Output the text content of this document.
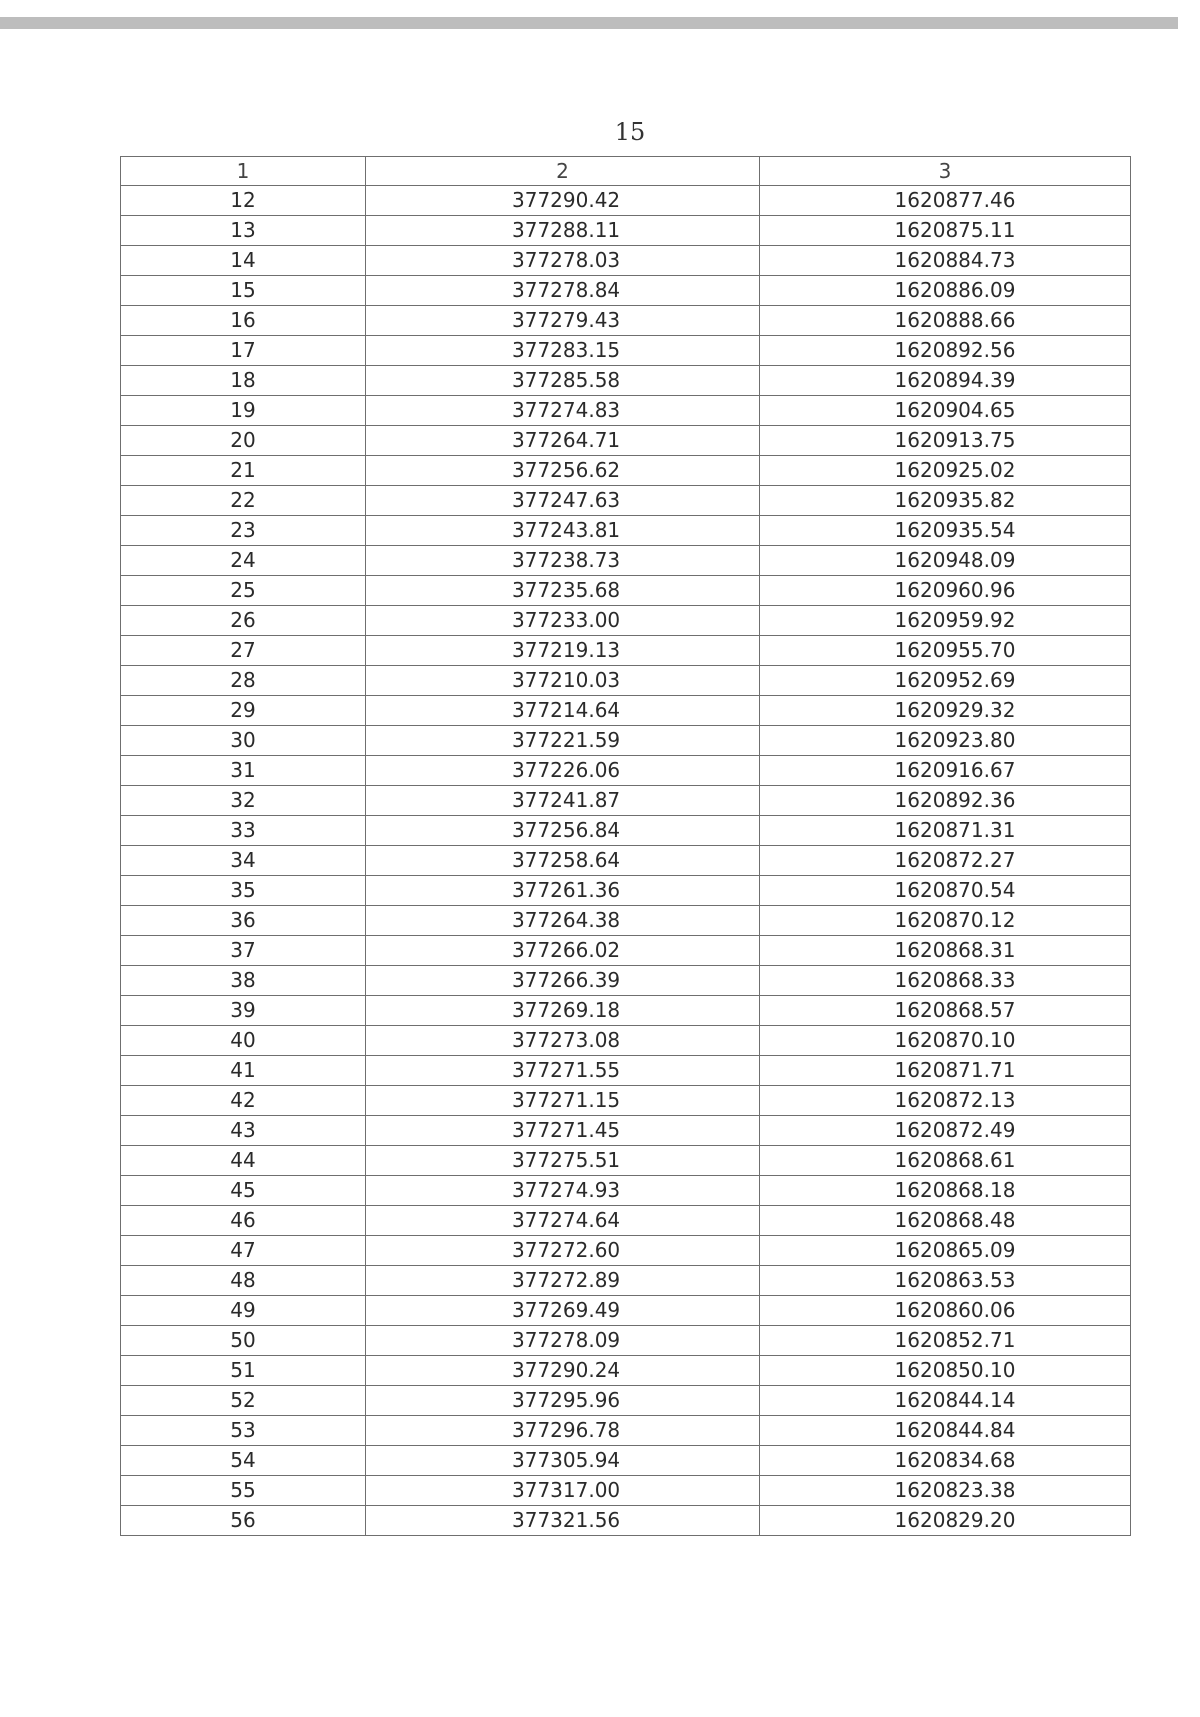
15
1	2	3
12	377290.42	1620877.46
13	377288.11	1620875.11
14	377278.03	1620884.73
15	377278.84	1620886.09
16	377279.43	1620888.66
17	377283.15	1620892.56
18	377285.58	1620894.39
19	377274.83	1620904.65
20	377264.71	1620913.75
21	377256.62	1620925.02
22	377247.63	1620935.82
23	377243.81	1620935.54
24	377238.73	1620948.09
25	377235.68	1620960.96
26	377233.00	1620959.92
27	377219.13	1620955.70
28	377210.03	1620952.69
29	377214.64	1620929.32
30	377221.59	1620923.80
31	377226.06	1620916.67
32	377241.87	1620892.36
33	377256.84	1620871.31
34	377258.64	1620872.27
35	377261.36	1620870.54
36	377264.38	1620870.12
37	377266.02	1620868.31
38	377266.39	1620868.33
39	377269.18	1620868.57
40	377273.08	1620870.10
41	377271.55	1620871.71
42	377271.15	1620872.13
43	377271.45	1620872.49
44	377275.51	1620868.61
45	377274.93	1620868.18
46	377274.64	1620868.48
47	377272.60	1620865.09
48	377272.89	1620863.53
49	377269.49	1620860.06
50	377278.09	1620852.71
51	377290.24	1620850.10
52	377295.96	1620844.14
53	377296.78	1620844.84
54	377305.94	1620834.68
55	377317.00	1620823.38
56	377321.56	1620829.20
